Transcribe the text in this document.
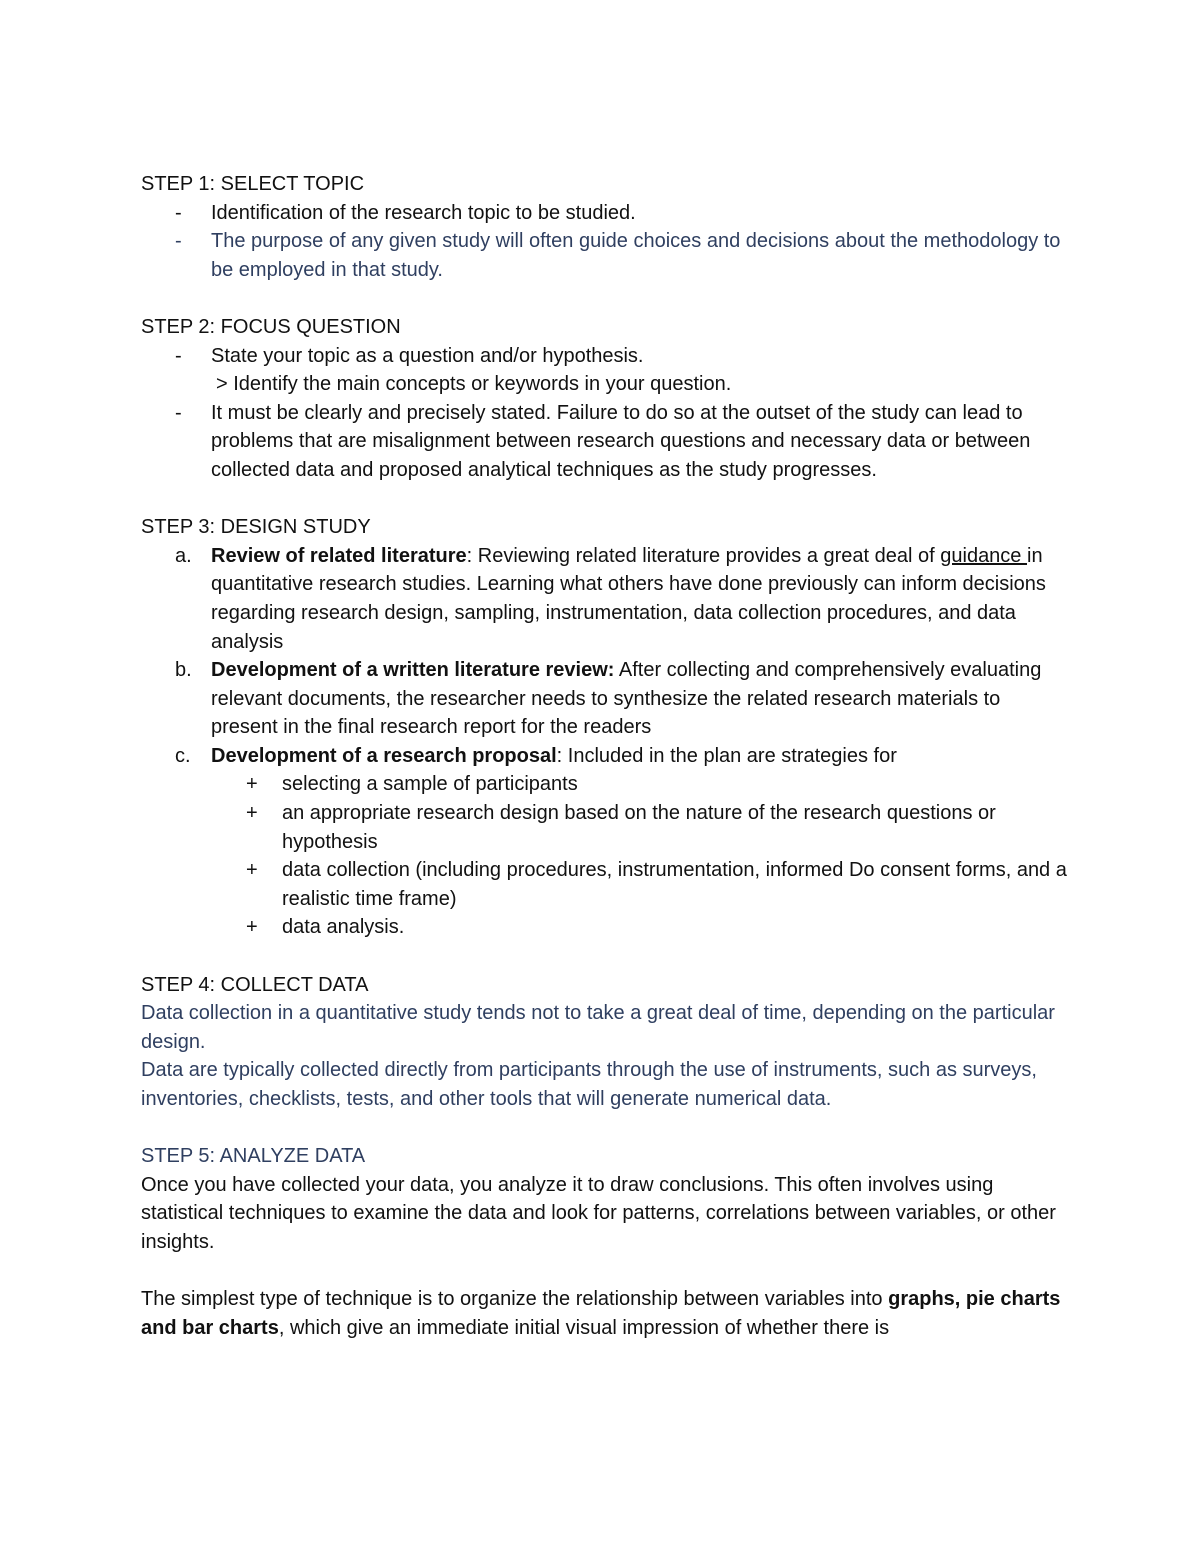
STEP 1: SELECT TOPIC

- Identification of the research topic to be studied.
- The purpose of any given study will often guide choices and decisions about the methodology to be employed in that study.

STEP 2: FOCUS QUESTION

- State your topic as a question and/or hypothesis.
> Identify the main concepts or keywords in your question.
- It must be clearly and precisely stated. Failure to do so at the outset of the study can lead to problems that are misalignment between research questions and necessary data or between collected data and proposed analytical techniques as the study progresses.

STEP 3: DESIGN STUDY

a. Review of related literature: Reviewing related literature provides a great deal of guidance in quantitative research studies. Learning what others have done previously can inform decisions regarding research design, sampling, instrumentation, data collection procedures, and data analysis
b. Development of a written literature review: After collecting and comprehensively evaluating relevant documents, the researcher needs to synthesize the related research materials to present in the final research report for the readers
c. Development of a research proposal: Included in the plan are strategies for
+ selecting a sample of participants
+ an appropriate research design based on the nature of the research questions or hypothesis
+ data collection (including procedures, instrumentation, informed Do consent forms, and a realistic time frame)
+ data analysis.

STEP 4: COLLECT DATA

Data collection in a quantitative study tends not to take a great deal of time, depending on the particular design.

Data are typically collected directly from participants through the use of instruments, such as surveys, inventories, checklists, tests, and other tools that will generate numerical data.

STEP 5: ANALYZE DATA

Once you have collected your data, you analyze it to draw conclusions. This often involves using statistical techniques to examine the data and look for patterns, correlations between variables, or other insights.

The simplest type of technique is to organize the relationship between variables into graphs, pie charts and bar charts, which give an immediate initial visual impression of whether there is
